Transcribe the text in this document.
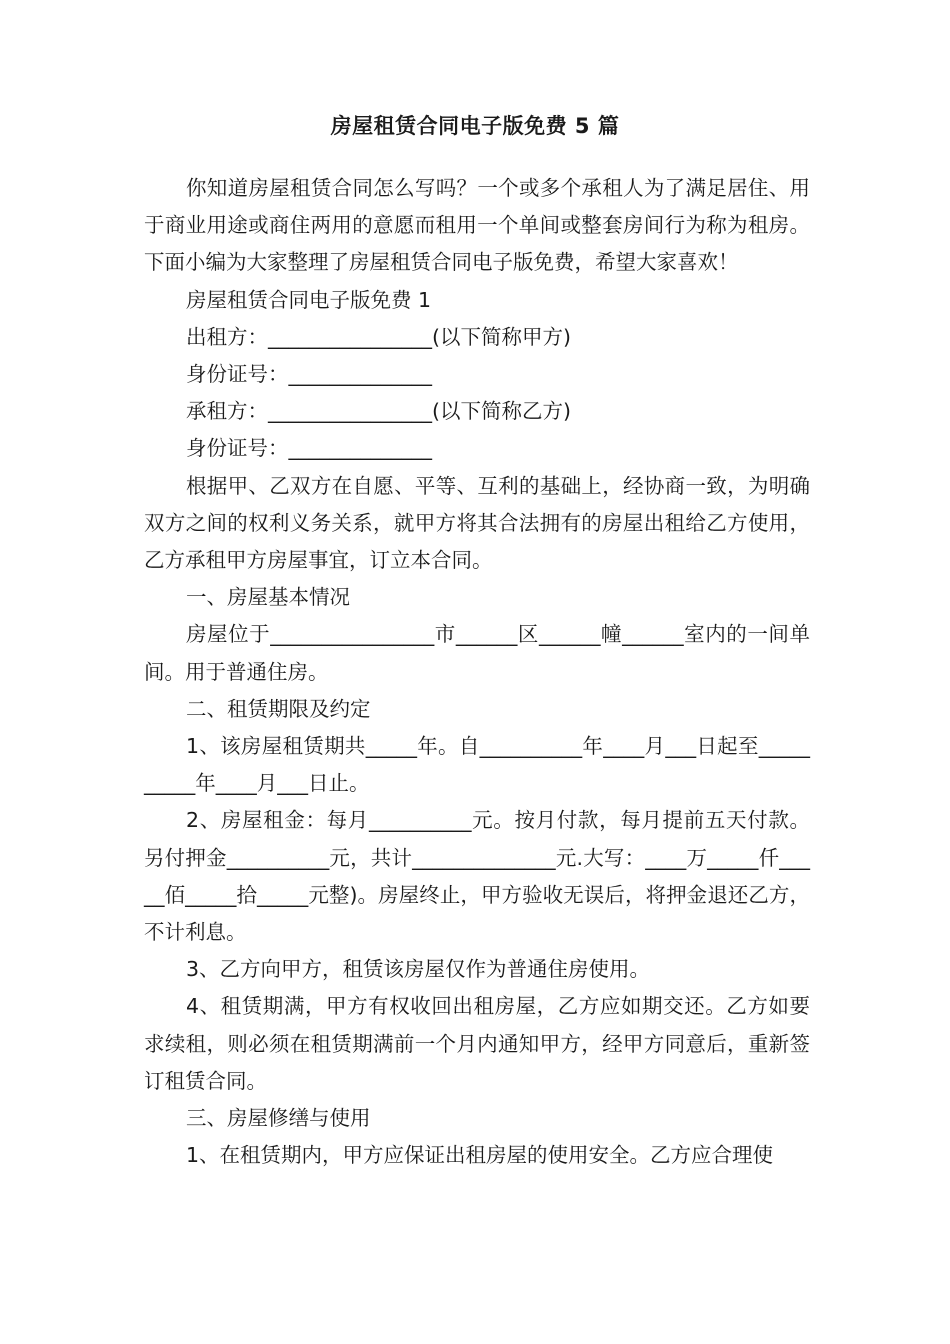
房屋租赁合同电子版免费 5 篇

你知道房屋租赁合同怎么写吗？一个或多个承租人为了满足居住、用于商业用途或商住两用的意愿而租用一个单间或整套房间行为称为租房。下面小编为大家整理了房屋租赁合同电子版免费，希望大家喜欢！

房屋租赁合同电子版免费 1

出租方：________________(以下简称甲方)

身份证号：______________

承租方：________________(以下简称乙方)

身份证号：______________

根据甲、乙双方在自愿、平等、互利的基础上，经协商一致，为明确双方之间的权利义务关系，就甲方将其合法拥有的房屋出租给乙方使用，乙方承租甲方房屋事宜，订立本合同。

一、房屋基本情况

房屋位于________________市______区______幢______室内的一间单间。用于普通住房。

二、租赁期限及约定

1、该房屋租赁期共_____年。自__________年____月___日起至__________年____月___日止。

2、房屋租金：每月__________元。按月付款，每月提前五天付款。另付押金__________元，共计______________元.大写：____万_____仟_____佰_____拾_____元整)。房屋终止，甲方验收无误后，将押金退还乙方，不计利息。

3、乙方向甲方，租赁该房屋仅作为普通住房使用。

4、租赁期满，甲方有权收回出租房屋，乙方应如期交还。乙方如要求续租，则必须在租赁期满前一个月内通知甲方，经甲方同意后，重新签订租赁合同。

三、房屋修缮与使用

1、在租赁期内，甲方应保证出租房屋的使用安全。乙方应合理使
